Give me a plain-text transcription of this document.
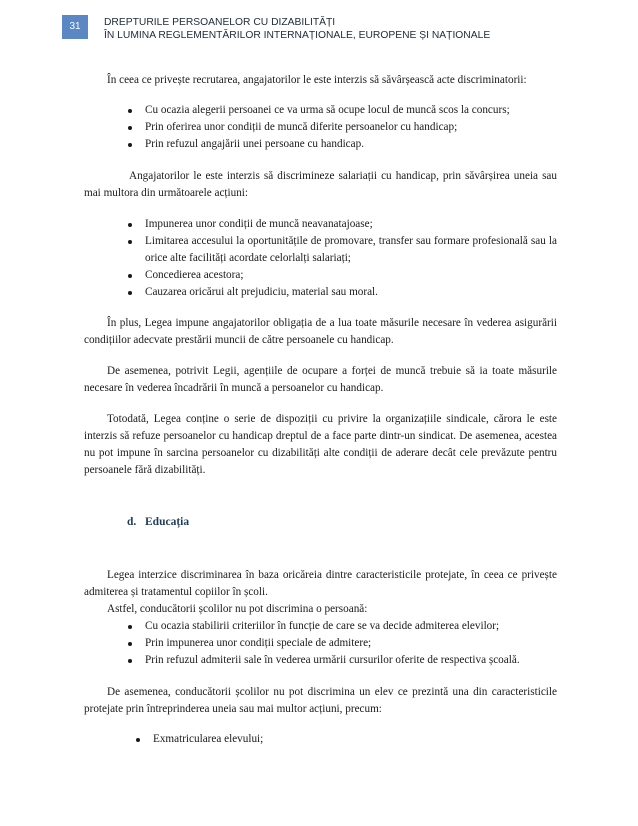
31	DREPTURILE PERSOANELOR CU DIZABILITĂȚI
ÎN LUMINA REGLEMENTĂRILOR INTERNAȚIONALE, EUROPENE ȘI NAȚIONALE

În ceea ce privește recrutarea, angajatorilor le este interzis să săvârșească acte discriminatorii:

Cu ocazia alegerii persoanei ce va urma să ocupe locul de muncă scos la concurs;
Prin oferirea unor condiții de muncă diferite persoanelor cu handicap;
Prin refuzul angajării unei persoane cu handicap.

Angajatorilor le este interzis să discrimineze salariații cu handicap, prin săvârșirea uneia sau mai multora din următoarele acțiuni:

Impunerea unor condiții de muncă neavanatajoase;
Limitarea accesului la oportunitățile de promovare, transfer sau formare profesională sau la orice alte facilități acordate celorlalți salariați;
Concedierea acestora;
Cauzarea oricărui alt prejudiciu, material sau moral.

În plus, Legea impune angajatorilor obligația de a lua toate măsurile necesare în vederea asigurării condițiilor adecvate prestării muncii de către persoanele cu handicap.

De asemenea, potrivit Legii, agențiile de ocupare a forței de muncă trebuie să ia toate măsurile necesare în vederea încadrării în muncă a persoanelor cu handicap.

Totodată, Legea conține o serie de dispoziții cu privire la organizațiile sindicale, cărora le este interzis să refuze persoanelor cu handicap dreptul de a face parte dintr-un sindicat. De asemenea, acestea nu pot impune în sarcina persoanelor cu dizabilități alte condiții de aderare decât cele prevăzute pentru persoanele fără dizabilități.

d. Educația

Legea interzice discriminarea în baza oricăreia dintre caracteristicile protejate, în ceea ce privește admiterea și tratamentul copiilor în școli.

Astfel, conducătorii școlilor nu pot discrimina o persoană:

Cu ocazia stabilirii criteriilor în funcție de care se va decide admiterea elevilor;
Prin impunerea unor condiții speciale de admitere;
Prin refuzul admiterii sale în vederea urmării cursurilor oferite de respectiva școală.

De asemenea, conducătorii școlilor nu pot discrimina un elev ce prezintă una din caracteristicile protejate prin întreprinderea uneia sau mai multor acțiuni, precum:

Exmatricularea elevului;
